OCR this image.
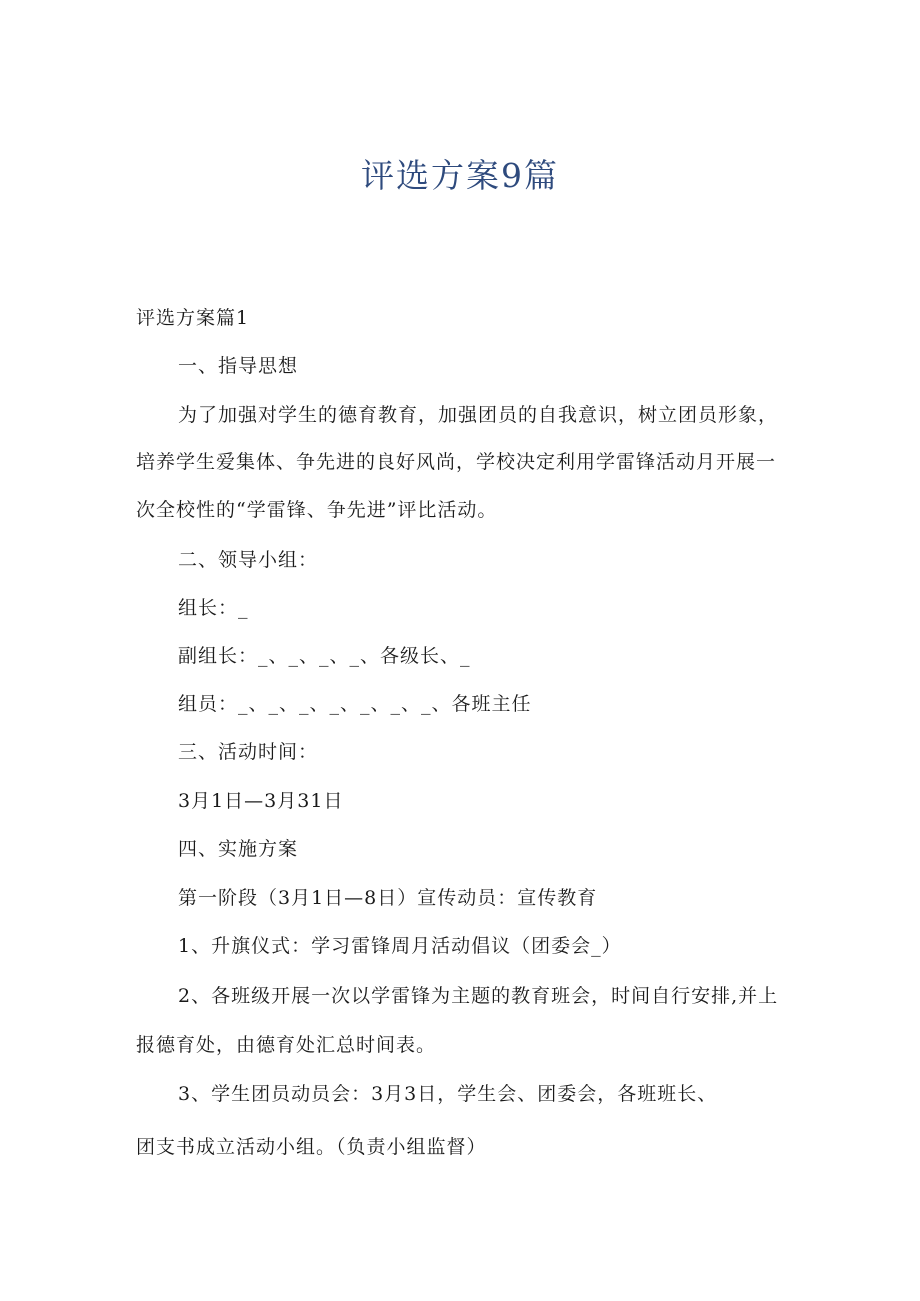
评选方案9篇

评选方案篇1

一、指导思想

为了加强对学生的德育教育，加强团员的自我意识，树立团员形象，

培养学生爱集体、争先进的良好风尚，学校决定利用学雷锋活动月开展一

次全校性的“学雷锋、争先进”评比活动。

二、领导小组：

组长：_

副组长：_、_、_、_、各级长、_

组员：_、_、_、_、_、_、_、各班主任

三、活动时间：

3月1日—3月31日

四、实施方案

第一阶段（3月1日—8日）宣传动员：宣传教育

1、升旗仪式：学习雷锋周月活动倡议（团委会_）

2、各班级开展一次以学雷锋为主题的教育班会，时间自行安排,并上

报德育处，由德育处汇总时间表。

3、学生团员动员会：3月3日，学生会、团委会，各班班长、

团支书成立活动小组。（负责小组监督）
